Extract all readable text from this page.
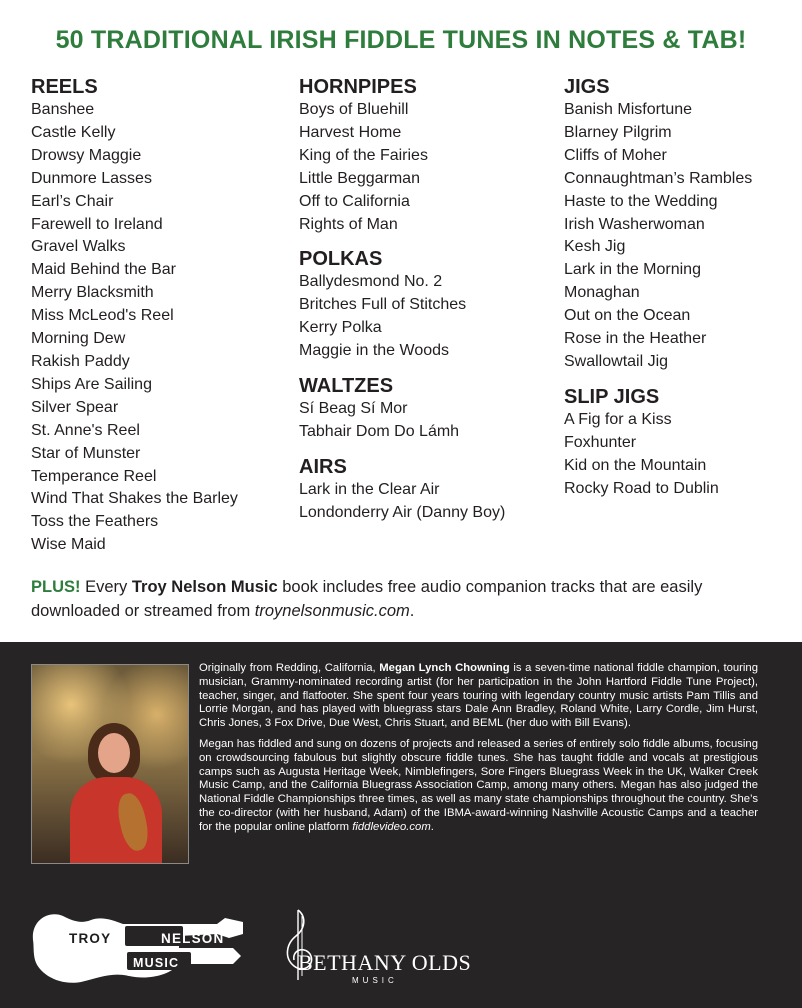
50 TRADITIONAL IRISH FIDDLE TUNES IN NOTES & TAB!
REELS
Banshee
Castle Kelly
Drowsy Maggie
Dunmore Lasses
Earl’s Chair
Farewell to Ireland
Gravel Walks
Maid Behind the Bar
Merry Blacksmith
Miss McLeod's Reel
Morning Dew
Rakish Paddy
Ships Are Sailing
Silver Spear
St. Anne's Reel
Star of Munster
Temperance Reel
Wind That Shakes the Barley
Toss the Feathers
Wise Maid
HORNPIPES
Boys of Bluehill
Harvest Home
King of the Fairies
Little Beggarman
Off to California
Rights of Man
POLKAS
Ballydesmond No. 2
Britches Full of Stitches
Kerry Polka
Maggie in the Woods
WALTZES
Sí Beag Sí Mor
Tabhair Dom Do Lámh
AIRS
Lark in the Clear Air
Londonderry Air (Danny Boy)
JIGS
Banish Misfortune
Blarney Pilgrim
Cliffs of Moher
Connaughtman’s Rambles
Haste to the Wedding
Irish Washerwoman
Kesh Jig
Lark in the Morning
Monaghan
Out on the Ocean
Rose in the Heather
Swallowtail Jig
SLIP JIGS
A Fig for a Kiss
Foxhunter
Kid on the Mountain
Rocky Road to Dublin
PLUS! Every Troy Nelson Music book includes free audio companion tracks that are easily downloaded or streamed from troynelsonmusic.com.

Originally from Redding, California, Megan Lynch Chowning is a seven-time national fiddle champion, touring musician, Grammy-nominated recording artist (for her participation in the John Hartford Fiddle Tune Project), teacher, singer, and flatfooter. She spent four years touring with legendary country music artists Pam Tillis and Lorrie Morgan, and has played with bluegrass stars Dale Ann Bradley, Roland White, Larry Cordle, Jim Hurst, Chris Jones, 3 Fox Drive, Due West, Chris Stuart, and BEML (her duo with Bill Evans).

Megan has fiddled and sung on dozens of projects and released a series of entirely solo fiddle albums, focusing on crowdsourcing fabulous but slightly obscure fiddle tunes. She has taught fiddle and vocals at prestigious camps such as Augusta Heritage Week, Nimblefingers, Sore Fingers Bluegrass Week in the UK, Walker Creek Music Camp, and the California Bluegrass Association Camp, among many others. Megan has also judged the National Fiddle Championships three times, as well as many state championships throughout the country. She’s the co-director (with her husband, Adam) of the IBMA-award-winning Nashville Acoustic Camps and a teacher for the popular online platform fiddlevideo.com.

TROY	NELSON
MUSIC	BETHANY OLDS
MUSIC
